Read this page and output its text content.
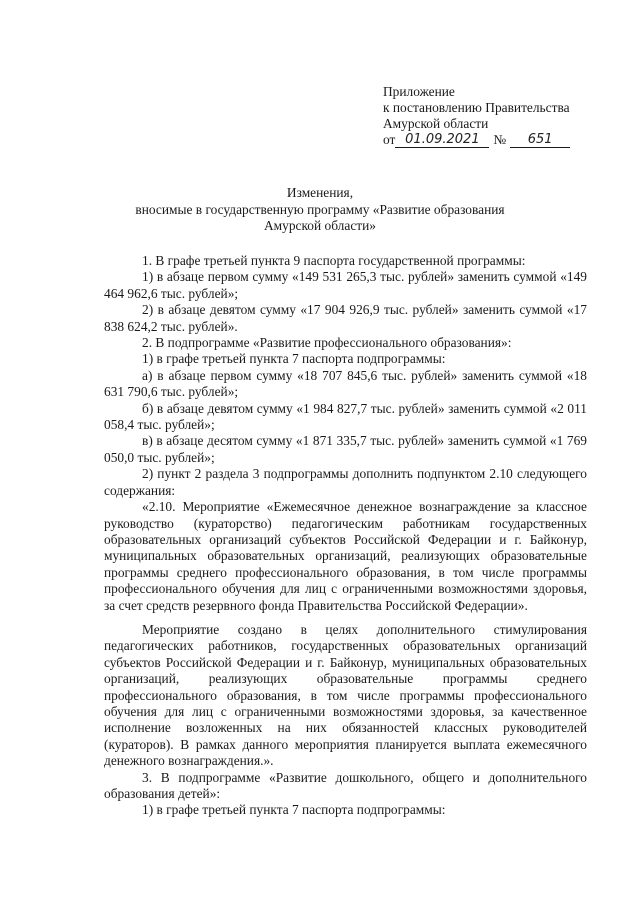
Приложение
к постановлению Правительства
Амурской области
от 01.09.2021	№	651
Изменения,
вносимые в государственную программу «Развитие образования
Амурской области»

1. В графе третьей пункта 9 паспорта государственной программы:

1) в абзаце первом сумму «149 531 265,3 тыс. рублей» заменить суммой «149 464 962,6 тыс. рублей»;

2) в абзаце девятом сумму «17 904 926,9 тыс. рублей» заменить суммой «17 838 624,2 тыс. рублей».

2. В подпрограмме «Развитие профессионального образования»:

1) в графе третьей пункта 7 паспорта подпрограммы:

а) в абзаце первом сумму «18 707 845,6 тыс. рублей» заменить суммой «18 631 790,6 тыс. рублей»;

б) в абзаце девятом сумму «1 984 827,7 тыс. рублей» заменить суммой «2 011 058,4 тыс. рублей»;

в) в абзаце десятом сумму «1 871 335,7 тыс. рублей» заменить суммой «1 769 050,0 тыс. рублей»;

2) пункт 2 раздела 3 подпрограммы дополнить подпунктом 2.10 следующего содержания:

«2.10. Мероприятие «Ежемесячное денежное вознаграждение за классное руководство (кураторство) педагогическим работникам государственных образовательных организаций субъектов Российской Федерации и г. Байконур, муниципальных образовательных организаций, реализующих образовательные программы среднего профессионального образования, в том числе программы профессионального обучения для лиц с ограниченными возможностями здоровья, за счет средств резервного фонда Правительства Российской Федерации».

Мероприятие создано в целях дополнительного стимулирования педагогических работников, государственных образовательных организаций субъектов Российской Федерации и г. Байконур, муниципальных образовательных организаций, реализующих образовательные программы среднего профессионального образования, в том числе программы профессионального обучения для лиц с ограниченными возможностями здоровья, за качественное исполнение возложенных на них обязанностей классных руководителей (кураторов). В рамках данного мероприятия планируется выплата ежемесячного денежного вознаграждения.».

3. В подпрограмме «Развитие дошкольного, общего и дополнительного образования детей»:

1) в графе третьей пункта 7 паспорта подпрограммы:
